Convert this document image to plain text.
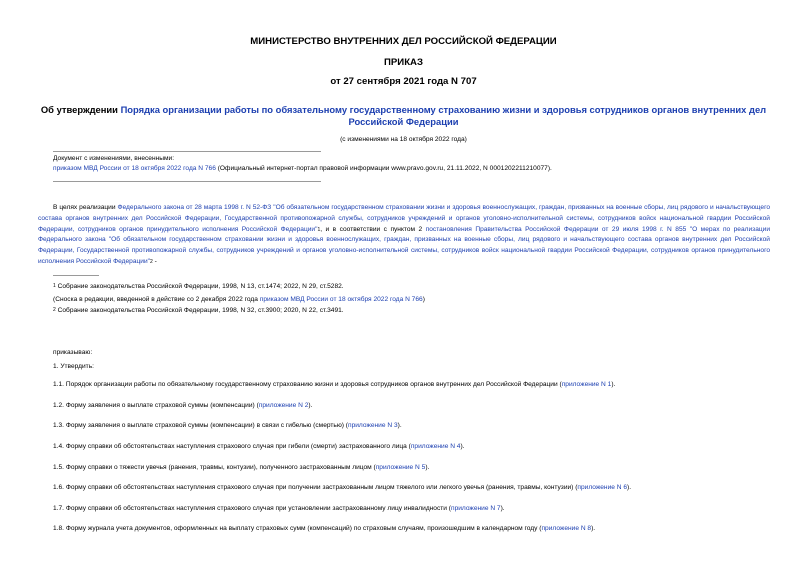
МИНИСТЕРСТВО ВНУТРЕННИХ ДЕЛ РОССИЙСКОЙ ФЕДЕРАЦИИ
ПРИКАЗ
от 27 сентября 2021 года N 707
Об утверждении Порядка организации работы по обязательному государственному страхованию жизни и здоровья сотрудников органов внутренних дел Российской Федерации
(с изменениями на 18 октября 2022 года)
Документ с изменениями, внесенными:
приказом МВД России от 18 октября 2022 года N 766 (Официальный интернет-портал правовой информации www.pravo.gov.ru, 21.11.2022, N 0001202211210077).
В целях реализации Федерального закона от 28 марта 1998 г. N 52-ФЗ "Об обязательном государственном страховании жизни и здоровья военнослужащих, граждан, призванных на военные сборы, лиц рядового и начальствующего состава органов внутренних дел Российской Федерации, Государственной противопожарной службы, сотрудников учреждений и органов уголовно-исполнительной системы, сотрудников войск национальной гвардии Российской Федерации, сотрудников органов принудительного исполнения Российской Федерации"$^1$, и в соответствии с пунктом 2 постановления Правительства Российской Федерации от 29 июля 1998 г. N 855 "О мерах по реализации Федерального закона "Об обязательном государственном страховании жизни и здоровья военнослужащих, граждан, призванных на военные сборы, лиц рядового и начальствующего состава органов внутренних дел Российской Федерации, Государственной противопожарной службы, сотрудников учреждений и органов уголовно-исполнительной системы, сотрудников войск национальной гвардии Российской Федерации, сотрудников органов принудительного исполнения Российской Федерации"$^2$ -
$^1$ Собрание законодательства Российской Федерации, 1998, N 13, ст.1474; 2022, N 29, ст.5282.
(Сноска в редакции, введенной в действие со 2 декабря 2022 года приказом МВД России от 18 октября 2022 года N 766)
$^2$ Собрание законодательства Российской Федерации, 1998, N 32, ст.3900; 2020, N 22, ст.3491.
приказываю:
1. Утвердить:
1.1. Порядок организации работы по обязательному государственному страхованию жизни и здоровья сотрудников органов внутренних дел Российской Федерации (приложение N 1).
1.2. Форму заявления о выплате страховой суммы (компенсации) (приложение N 2).
1.3. Форму заявления о выплате страховой суммы (компенсации) в связи с гибелью (смертью) (приложение N 3).
1.4. Форму справки об обстоятельствах наступления страхового случая при гибели (смерти) застрахованного лица (приложение N 4).
1.5. Форму справки о тяжести увечья (ранения, травмы, контузии), полученного застрахованным лицом (приложение N 5).
1.6. Форму справки об обстоятельствах наступления страхового случая при получении застрахованным лицом тяжелого или легкого увечья (ранения, травмы, контузии) (приложение N 6).
1.7. Форму справки об обстоятельствах наступления страхового случая при установлении застрахованному лицу инвалидности (приложение N 7).
1.8. Форму журнала учета документов, оформленных на выплату страховых сумм (компенсаций) по страховым случаям, произошедшим в календарном году (приложение N 8).
